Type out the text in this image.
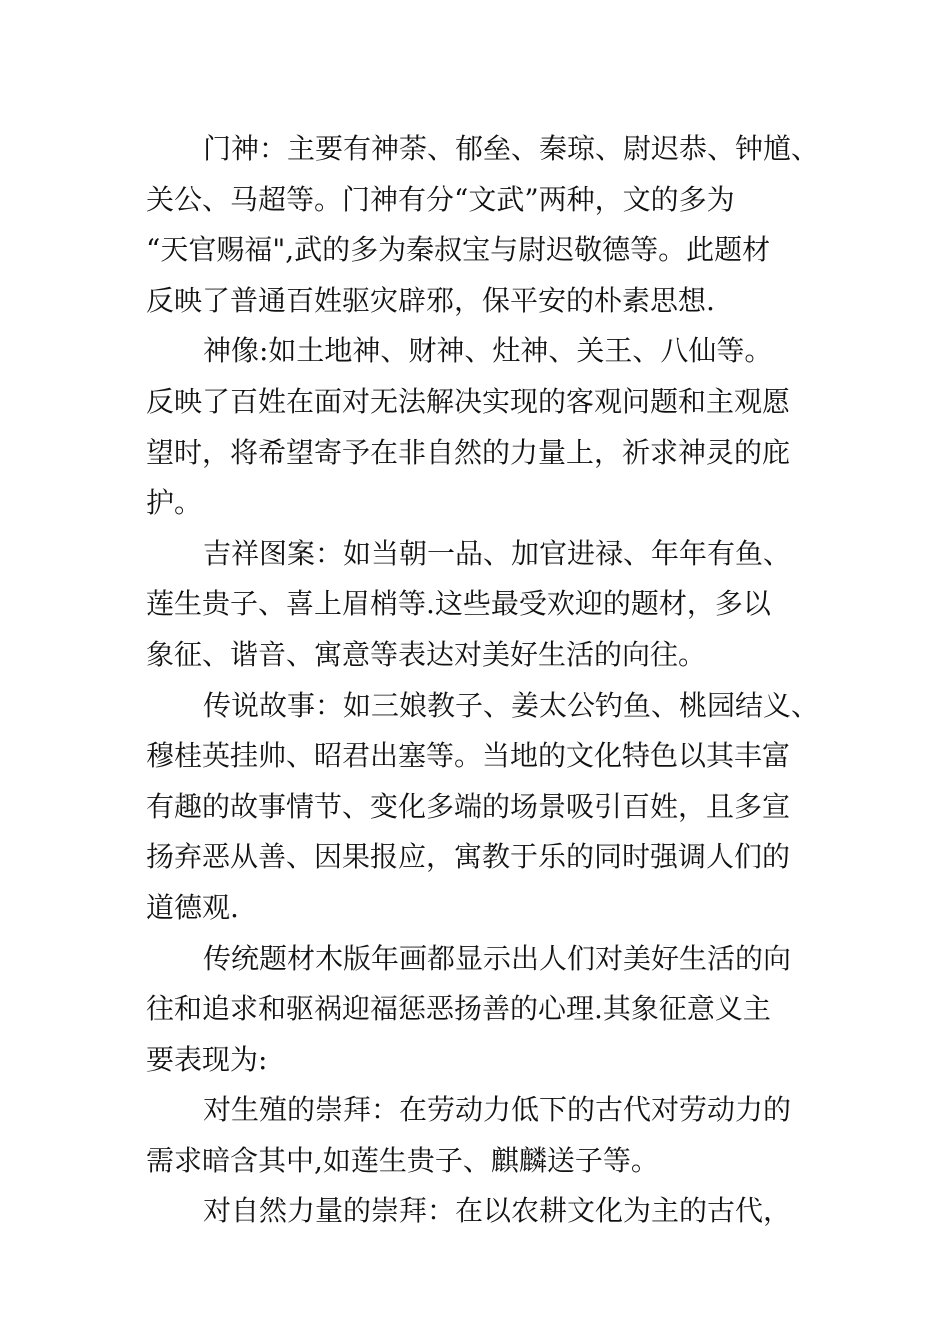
门神：主要有神荼、郁垒、秦琼、尉迟恭、钟馗、
关公、马超等。门神有分“文武”两种，文的多为
“天官赐福",武的多为秦叔宝与尉迟敬德等。此题材
反映了普通百姓驱灾辟邪，保平安的朴素思想.
神像:如土地神、财神、灶神、关王、八仙等。
反映了百姓在面对无法解决实现的客观问题和主观愿
望时，将希望寄予在非自然的力量上，祈求神灵的庇
护。
吉祥图案：如当朝一品、加官进禄、年年有鱼、
莲生贵子、喜上眉梢等.这些最受欢迎的题材，多以
象征、谐音、寓意等表达对美好生活的向往。
传说故事：如三娘教子、姜太公钓鱼、桃园结义、
穆桂英挂帅、昭君出塞等。当地的文化特色以其丰富
有趣的故事情节、变化多端的场景吸引百姓，且多宣
扬弃恶从善、因果报应，寓教于乐的同时强调人们的
道德观.
传统题材木版年画都显示出人们对美好生活的向
往和追求和驱祸迎福惩恶扬善的心理.其象征意义主
要表现为:
对生殖的崇拜：在劳动力低下的古代对劳动力的
需求暗含其中,如莲生贵子、麒麟送子等。
对自然力量的崇拜：在以农耕文化为主的古代，
